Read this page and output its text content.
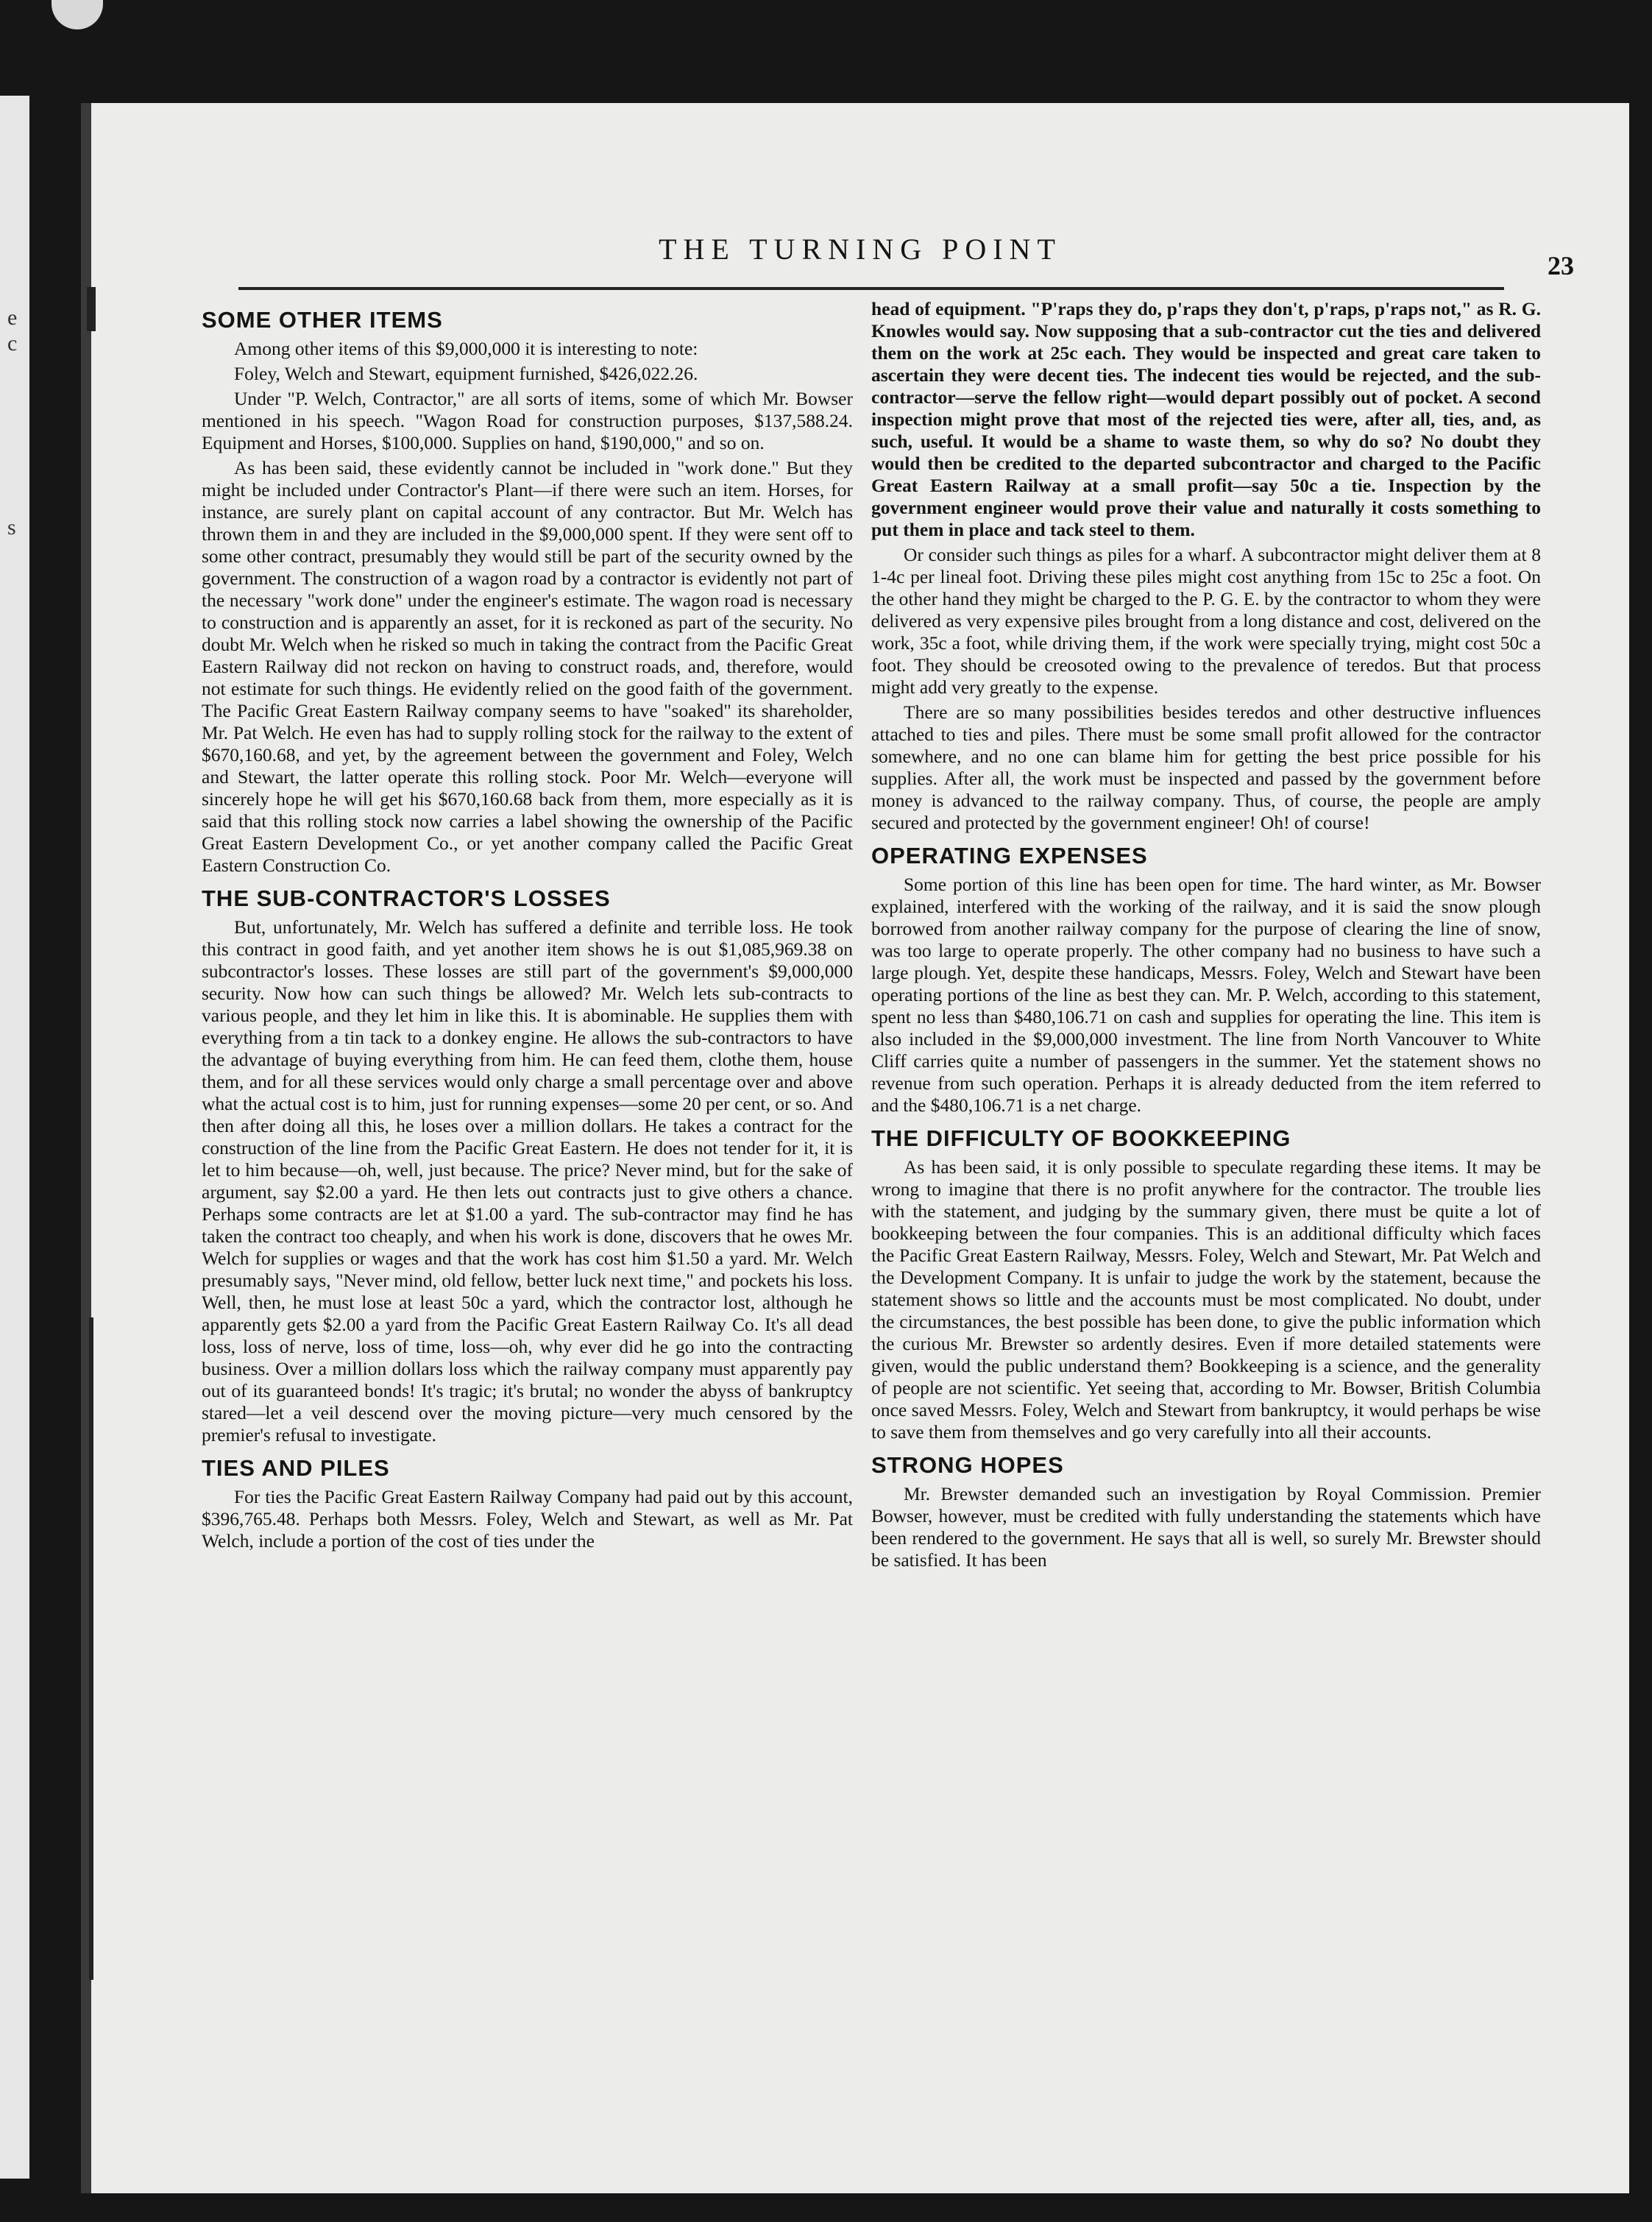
e
c
s
THE TURNING POINT	23
SOME OTHER ITEMS

Among other items of this $9,000,000 it is interesting to note:

Foley, Welch and Stewart, equipment furnished, $426,022.26.

Under "P. Welch, Contractor," are all sorts of items, some of which Mr. Bowser mentioned in his speech. "Wagon Road for construction purposes, $137,588.24. Equipment and Horses, $100,000. Supplies on hand, $190,000," and so on.

As has been said, these evidently cannot be included in "work done." But they might be included under Contractor's Plant—if there were such an item. Horses, for instance, are surely plant on capital account of any contractor. But Mr. Welch has thrown them in and they are included in the $9,000,000 spent. If they were sent off to some other contract, presumably they would still be part of the security owned by the government. The construction of a wagon road by a contractor is evidently not part of the necessary "work done" under the engineer's estimate. The wagon road is necessary to construction and is apparently an asset, for it is reckoned as part of the security. No doubt Mr. Welch when he risked so much in taking the contract from the Pacific Great Eastern Railway did not reckon on having to construct roads, and, therefore, would not estimate for such things. He evidently relied on the good faith of the government. The Pacific Great Eastern Railway company seems to have "soaked" its shareholder, Mr. Pat Welch. He even has had to supply rolling stock for the railway to the extent of $670,160.68, and yet, by the agreement between the government and Foley, Welch and Stewart, the latter operate this rolling stock. Poor Mr. Welch—everyone will sincerely hope he will get his $670,160.68 back from them, more especially as it is said that this rolling stock now carries a label showing the ownership of the Pacific Great Eastern Development Co., or yet another company called the Pacific Great Eastern Construction Co.

THE SUB-CONTRACTOR'S LOSSES

But, unfortunately, Mr. Welch has suffered a definite and terrible loss. He took this contract in good faith, and yet another item shows he is out $1,085,969.38 on subcontractor's losses. These losses are still part of the government's $9,000,000 security. Now how can such things be allowed? Mr. Welch lets sub-contracts to various people, and they let him in like this. It is abominable. He supplies them with everything from a tin tack to a donkey engine. He allows the sub-contractors to have the advantage of buying everything from him. He can feed them, clothe them, house them, and for all these services would only charge a small percentage over and above what the actual cost is to him, just for running expenses—some 20 per cent, or so. And then after doing all this, he loses over a million dollars. He takes a contract for the construction of the line from the Pacific Great Eastern. He does not tender for it, it is let to him because—oh, well, just because. The price? Never mind, but for the sake of argument, say $2.00 a yard. He then lets out contracts just to give others a chance. Perhaps some contracts are let at $1.00 a yard. The sub-contractor may find he has taken the contract too cheaply, and when his work is done, discovers that he owes Mr. Welch for supplies or wages and that the work has cost him $1.50 a yard. Mr. Welch presumably says, "Never mind, old fellow, better luck next time," and pockets his loss. Well, then, he must lose at least 50c a yard, which the contractor lost, although he apparently gets $2.00 a yard from the Pacific Great Eastern Railway Co. It's all dead loss, loss of nerve, loss of time, loss—oh, why ever did he go into the contracting business. Over a million dollars loss which the railway company must apparently pay out of its guaranteed bonds! It's tragic; it's brutal; no wonder the abyss of bankruptcy stared—let a veil descend over the moving picture—very much censored by the premier's refusal to investigate.

TIES AND PILES

For ties the Pacific Great Eastern Railway Company had paid out by this account, $396,765.48. Perhaps both Messrs. Foley, Welch and Stewart, as well as Mr. Pat Welch, include a portion of the cost of ties under the

head of equipment. "P'raps they do, p'raps they don't, p'raps, p'raps not," as R. G. Knowles would say. Now supposing that a sub-contractor cut the ties and delivered them on the work at 25c each. They would be inspected and great care taken to ascertain they were decent ties. The indecent ties would be rejected, and the sub-contractor—serve the fellow right—would depart possibly out of pocket. A second inspection might prove that most of the rejected ties were, after all, ties, and, as such, useful. It would be a shame to waste them, so why do so? No doubt they would then be credited to the departed subcontractor and charged to the Pacific Great Eastern Railway at a small profit—say 50c a tie. Inspection by the government engineer would prove their value and naturally it costs something to put them in place and tack steel to them.

Or consider such things as piles for a wharf. A subcontractor might deliver them at 8 1-4c per lineal foot. Driving these piles might cost anything from 15c to 25c a foot. On the other hand they might be charged to the P. G. E. by the contractor to whom they were delivered as very expensive piles brought from a long distance and cost, delivered on the work, 35c a foot, while driving them, if the work were specially trying, might cost 50c a foot. They should be creosoted owing to the prevalence of teredos. But that process might add very greatly to the expense.

There are so many possibilities besides teredos and other destructive influences attached to ties and piles. There must be some small profit allowed for the contractor somewhere, and no one can blame him for getting the best price possible for his supplies. After all, the work must be inspected and passed by the government before money is advanced to the railway company. Thus, of course, the people are amply secured and protected by the government engineer! Oh! of course!

OPERATING EXPENSES

Some portion of this line has been open for time. The hard winter, as Mr. Bowser explained, interfered with the working of the railway, and it is said the snow plough borrowed from another railway company for the purpose of clearing the line of snow, was too large to operate properly. The other company had no business to have such a large plough. Yet, despite these handicaps, Messrs. Foley, Welch and Stewart have been operating portions of the line as best they can. Mr. P. Welch, according to this statement, spent no less than $480,106.71 on cash and supplies for operating the line. This item is also included in the $9,000,000 investment. The line from North Vancouver to White Cliff carries quite a number of passengers in the summer. Yet the statement shows no revenue from such operation. Perhaps it is already deducted from the item referred to and the $480,106.71 is a net charge.

THE DIFFICULTY OF BOOKKEEPING

As has been said, it is only possible to speculate regarding these items. It may be wrong to imagine that there is no profit anywhere for the contractor. The trouble lies with the statement, and judging by the summary given, there must be quite a lot of bookkeeping between the four companies. This is an additional difficulty which faces the Pacific Great Eastern Railway, Messrs. Foley, Welch and Stewart, Mr. Pat Welch and the Development Company. It is unfair to judge the work by the statement, because the statement shows so little and the accounts must be most complicated. No doubt, under the circumstances, the best possible has been done, to give the public information which the curious Mr. Brewster so ardently desires. Even if more detailed statements were given, would the public understand them? Bookkeeping is a science, and the generality of people are not scientific. Yet seeing that, according to Mr. Bowser, British Columbia once saved Messrs. Foley, Welch and Stewart from bankruptcy, it would perhaps be wise to save them from themselves and go very carefully into all their accounts.

STRONG HOPES

Mr. Brewster demanded such an investigation by Royal Commission. Premier Bowser, however, must be credited with fully understanding the statements which have been rendered to the government. He says that all is well, so surely Mr. Brewster should be satisfied. It has been
